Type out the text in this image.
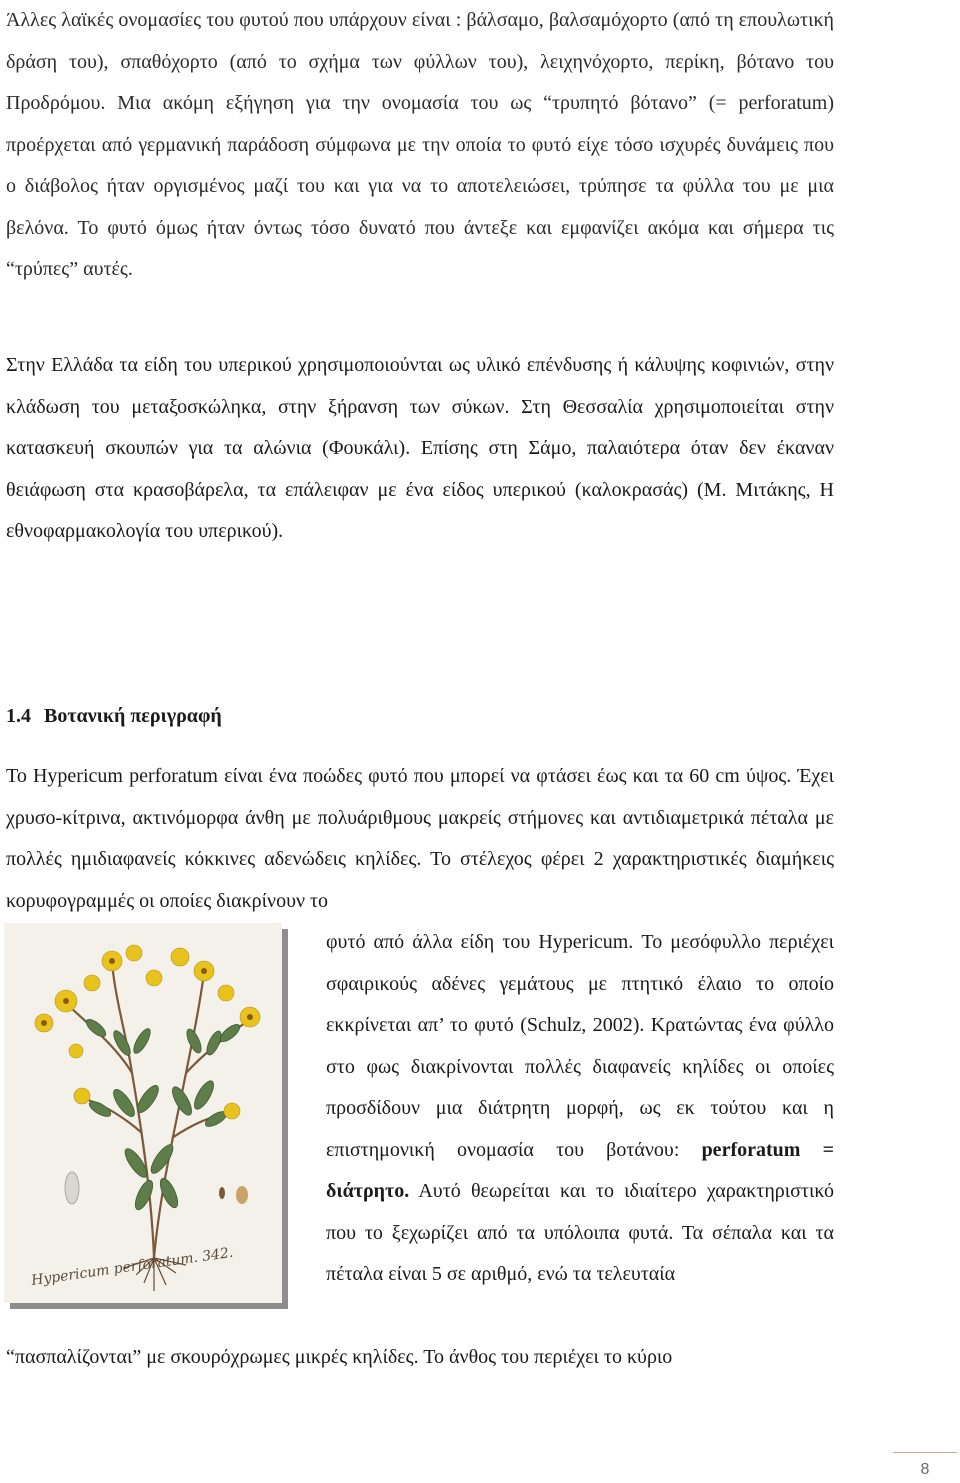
Άλλες λαϊκές ονομασίες του φυτού που υπάρχουν είναι : βάλσαμο, βαλσαμόχορτο (από τη επουλωτική δράση του), σπαθόχορτο (από το σχήμα των φύλλων του), λειχηνόχορτο, περίκη, βότανο του Προδρόμου. Μια ακόμη εξήγηση για την ονομασία του ως “τρυπητό βότανο” (= perforatum) προέρχεται από γερμανική παράδοση σύμφωνα με την οποία το φυτό είχε τόσο ισχυρές δυνάμεις που ο διάβολος ήταν οργισμένος μαζί του και για να το αποτελειώσει, τρύπησε τα φύλλα του με μια βελόνα. Το φυτό όμως ήταν όντως τόσο δυνατό που άντεξε και εμφανίζει ακόμα και σήμερα τις “τρύπες” αυτές.

Στην Ελλάδα τα είδη του υπερικού χρησιμοποιούνται ως υλικό επένδυσης ή κάλυψης κοφινιών, στην κλάδωση του μεταξοσκώληκα, στην ξήρανση των σύκων. Στη Θεσσαλία χρησιμοποιείται στην κατασκευή σκουπών για τα αλώνια (Φουκάλι). Επίσης στη Σάμο, παλαιότερα όταν δεν έκαναν θειάφωση στα κρασοβάρελα, τα επάλειφαν με ένα είδος υπερικού (καλοκρασάς) (Μ. Μιτάκης, Η εθνοφαρμακολογία του υπερικού).

1.4 Βοτανική περιγραφή

Το Hypericum perforatum είναι ένα ποώδες φυτό που μπορεί να φτάσει έως και τα 60 cm ύψος. Έχει χρυσο-κίτρινα, ακτινόμορφα άνθη με πολυάριθμους μακρείς στήμονες και αντιδιαμετρικά πέταλα με πολλές ημιδιαφανείς κόκκινες αδενώδεις κηλίδες. Το στέλεχος φέρει 2 χαρακτηριστικές διαμήκεις κορυφογραμμές οι οποίες διακρίνουν το

φυτό από άλλα είδη του Hypericum. Το μεσόφυλλο περιέχει σφαιρικούς αδένες γεμάτους με πτητικό έλαιο το οποίο εκκρίνεται απ’ το φυτό (Schulz, 2002). Κρατώντας ένα φύλλο στο φως διακρίνονται πολλές διαφανείς κηλίδες οι οποίες προσδίδουν μια διάτρητη μορφή, ως εκ τούτου και η επιστημονική ονομασία του βοτάνου: perforatum = διάτρητο. Αυτό θεωρείται και το ιδιαίτερο χαρακτηριστικό που το ξεχωρίζει από τα υπόλοιπα φυτά. Τα σέπαλα και τα πέταλα είναι 5 σε αριθμό, ενώ τα τελευταία

“πασπαλίζονται” με σκουρόχρωμες μικρές κηλίδες. Το άνθος του περιέχει το κύριο

Hypericum perforatum. 342.
8
